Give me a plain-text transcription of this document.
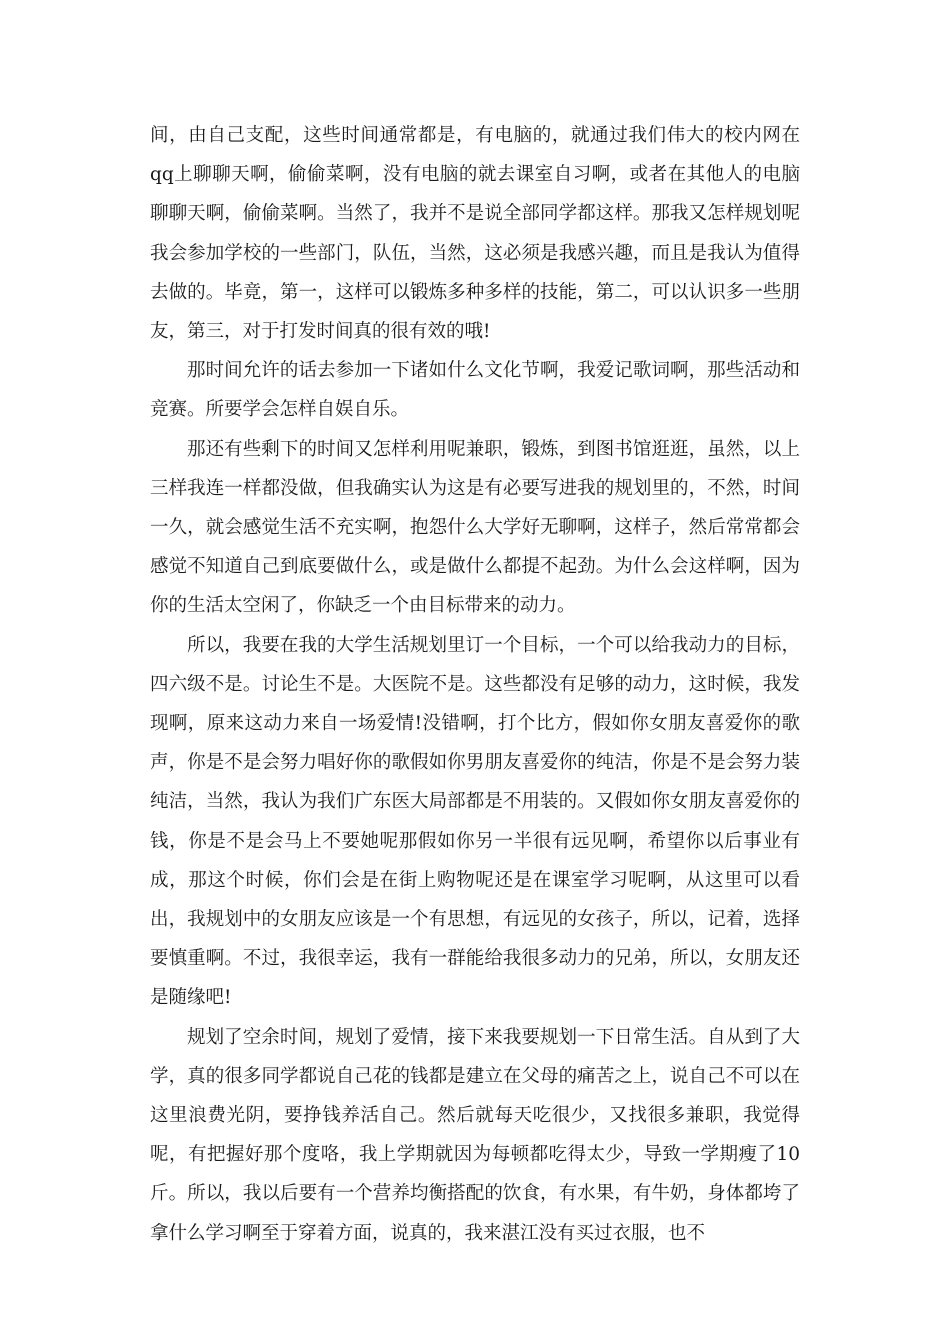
间，由自己支配，这些时间通常都是，有电脑的，就通过我们伟大的校内网在qq上聊聊天啊，偷偷菜啊，没有电脑的就去课室自习啊，或者在其他人的电脑聊聊天啊，偷偷菜啊。当然了，我并不是说全部同学都这样。那我又怎样规划呢我会参加学校的一些部门，队伍，当然，这必须是我感兴趣，而且是我认为值得去做的。毕竟，第一，这样可以锻炼多种多样的技能，第二，可以认识多一些朋友，第三，对于打发时间真的很有效的哦!

那时间允许的话去参加一下诸如什么文化节啊，我爱记歌词啊，那些活动和竞赛。所要学会怎样自娱自乐。

那还有些剩下的时间又怎样利用呢兼职，锻炼，到图书馆逛逛，虽然，以上三样我连一样都没做，但我确实认为这是有必要写进我的规划里的，不然，时间一久，就会感觉生活不充实啊，抱怨什么大学好无聊啊，这样子，然后常常都会感觉不知道自己到底要做什么，或是做什么都提不起劲。为什么会这样啊，因为你的生活太空闲了，你缺乏一个由目标带来的动力。

所以，我要在我的大学生活规划里订一个目标，一个可以给我动力的目标，四六级不是。讨论生不是。大医院不是。这些都没有足够的动力，这时候，我发现啊，原来这动力来自一场爱情!没错啊，打个比方，假如你女朋友喜爱你的歌声，你是不是会努力唱好你的歌假如你男朋友喜爱你的纯洁，你是不是会努力装纯洁，当然，我认为我们广东医大局部都是不用装的。又假如你女朋友喜爱你的钱，你是不是会马上不要她呢那假如你另一半很有远见啊，希望你以后事业有成，那这个时候，你们会是在街上购物呢还是在课室学习呢啊，从这里可以看出，我规划中的女朋友应该是一个有思想，有远见的女孩子，所以，记着，选择要慎重啊。不过，我很幸运，我有一群能给我很多动力的兄弟，所以，女朋友还是随缘吧!

规划了空余时间，规划了爱情，接下来我要规划一下日常生活。自从到了大学，真的很多同学都说自己花的钱都是建立在父母的痛苦之上，说自己不可以在这里浪费光阴，要挣钱养活自己。然后就每天吃很少，又找很多兼职，我觉得呢，有把握好那个度咯，我上学期就因为每顿都吃得太少，导致一学期瘦了10斤。所以，我以后要有一个营养均衡搭配的饮食，有水果，有牛奶，身体都垮了拿什么学习啊至于穿着方面，说真的，我来湛江没有买过衣服，也不
